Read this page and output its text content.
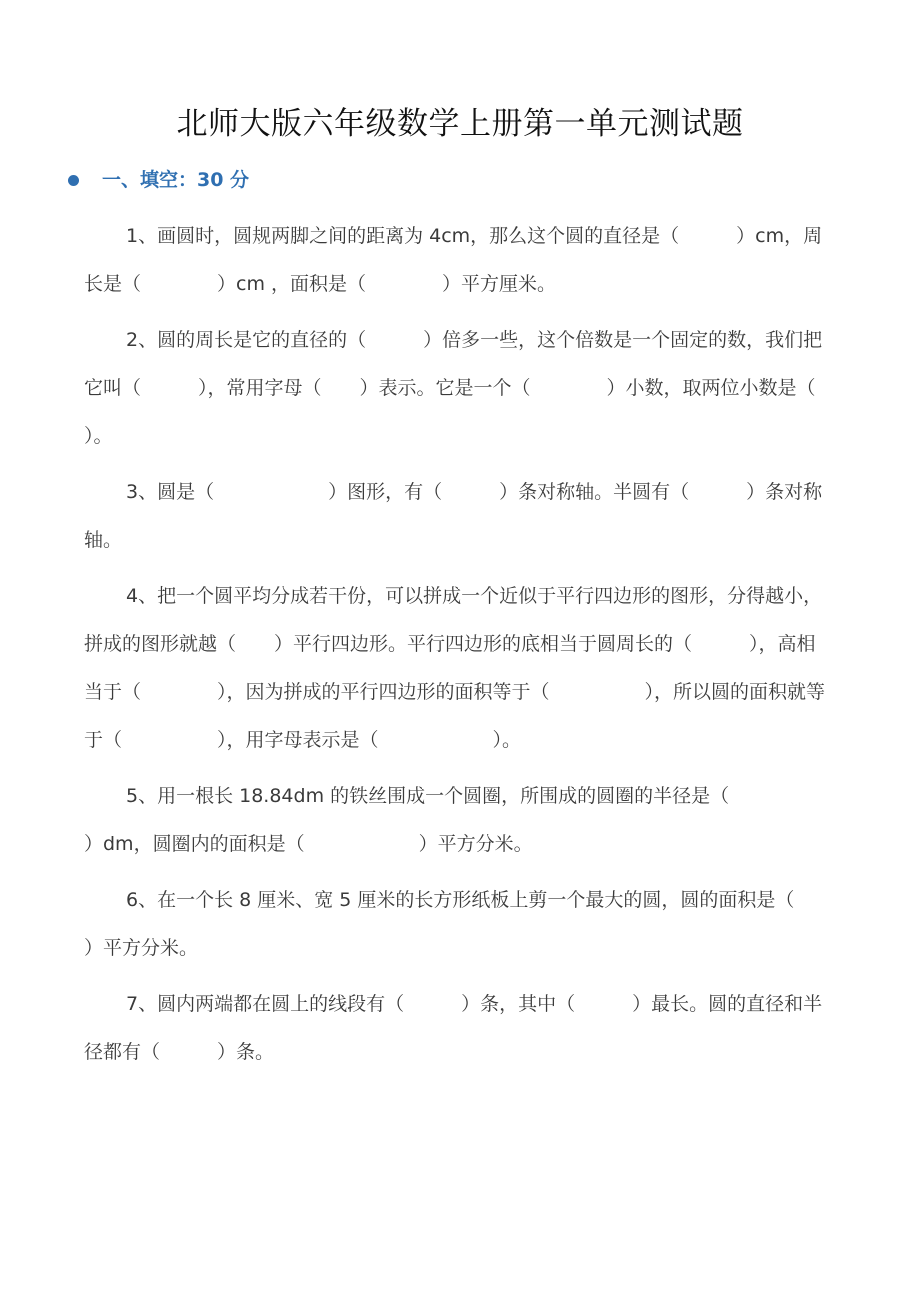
北师大版六年级数学上册第一单元测试题
一、填空：30 分

1、画圆时，圆规两脚之间的距离为 4cm，那么这个圆的直径是（　　　）cm，周长是（　　　　）cm ，面积是（　　　　）平方厘米。

2、圆的周长是它的直径的（　　　）倍多一些，这个倍数是一个固定的数，我们把它叫（　　　），常用字母（　　）表示。它是一个（　　　　）小数，取两位小数是（　　　　）。

3、圆是（　　　　　　）图形，有（　　　）条对称轴。半圆有（　　　）条对称轴。

4、把一个圆平均分成若干份，可以拼成一个近似于平行四边形的图形，分得越小，拼成的图形就越（　　）平行四边形。平行四边形的底相当于圆周长的（　　　），高相当于（　　　　），因为拼成的平行四边形的面积等于（　　　　　），所以圆的面积就等于（　　　　　），用字母表示是（　　　　　　）。

5、用一根长 18.84dm 的铁丝围成一个圆圈，所围成的圆圈的半径是（　　　　　　）dm，圆圈内的面积是（　　　　　　）平方分米。

6、在一个长 8 厘米、宽 5 厘米的长方形纸板上剪一个最大的圆，圆的面积是（　　　　　）平方分米。

7、圆内两端都在圆上的线段有（　　　）条，其中（　　　）最长。圆的直径和半径都有（　　　）条。
